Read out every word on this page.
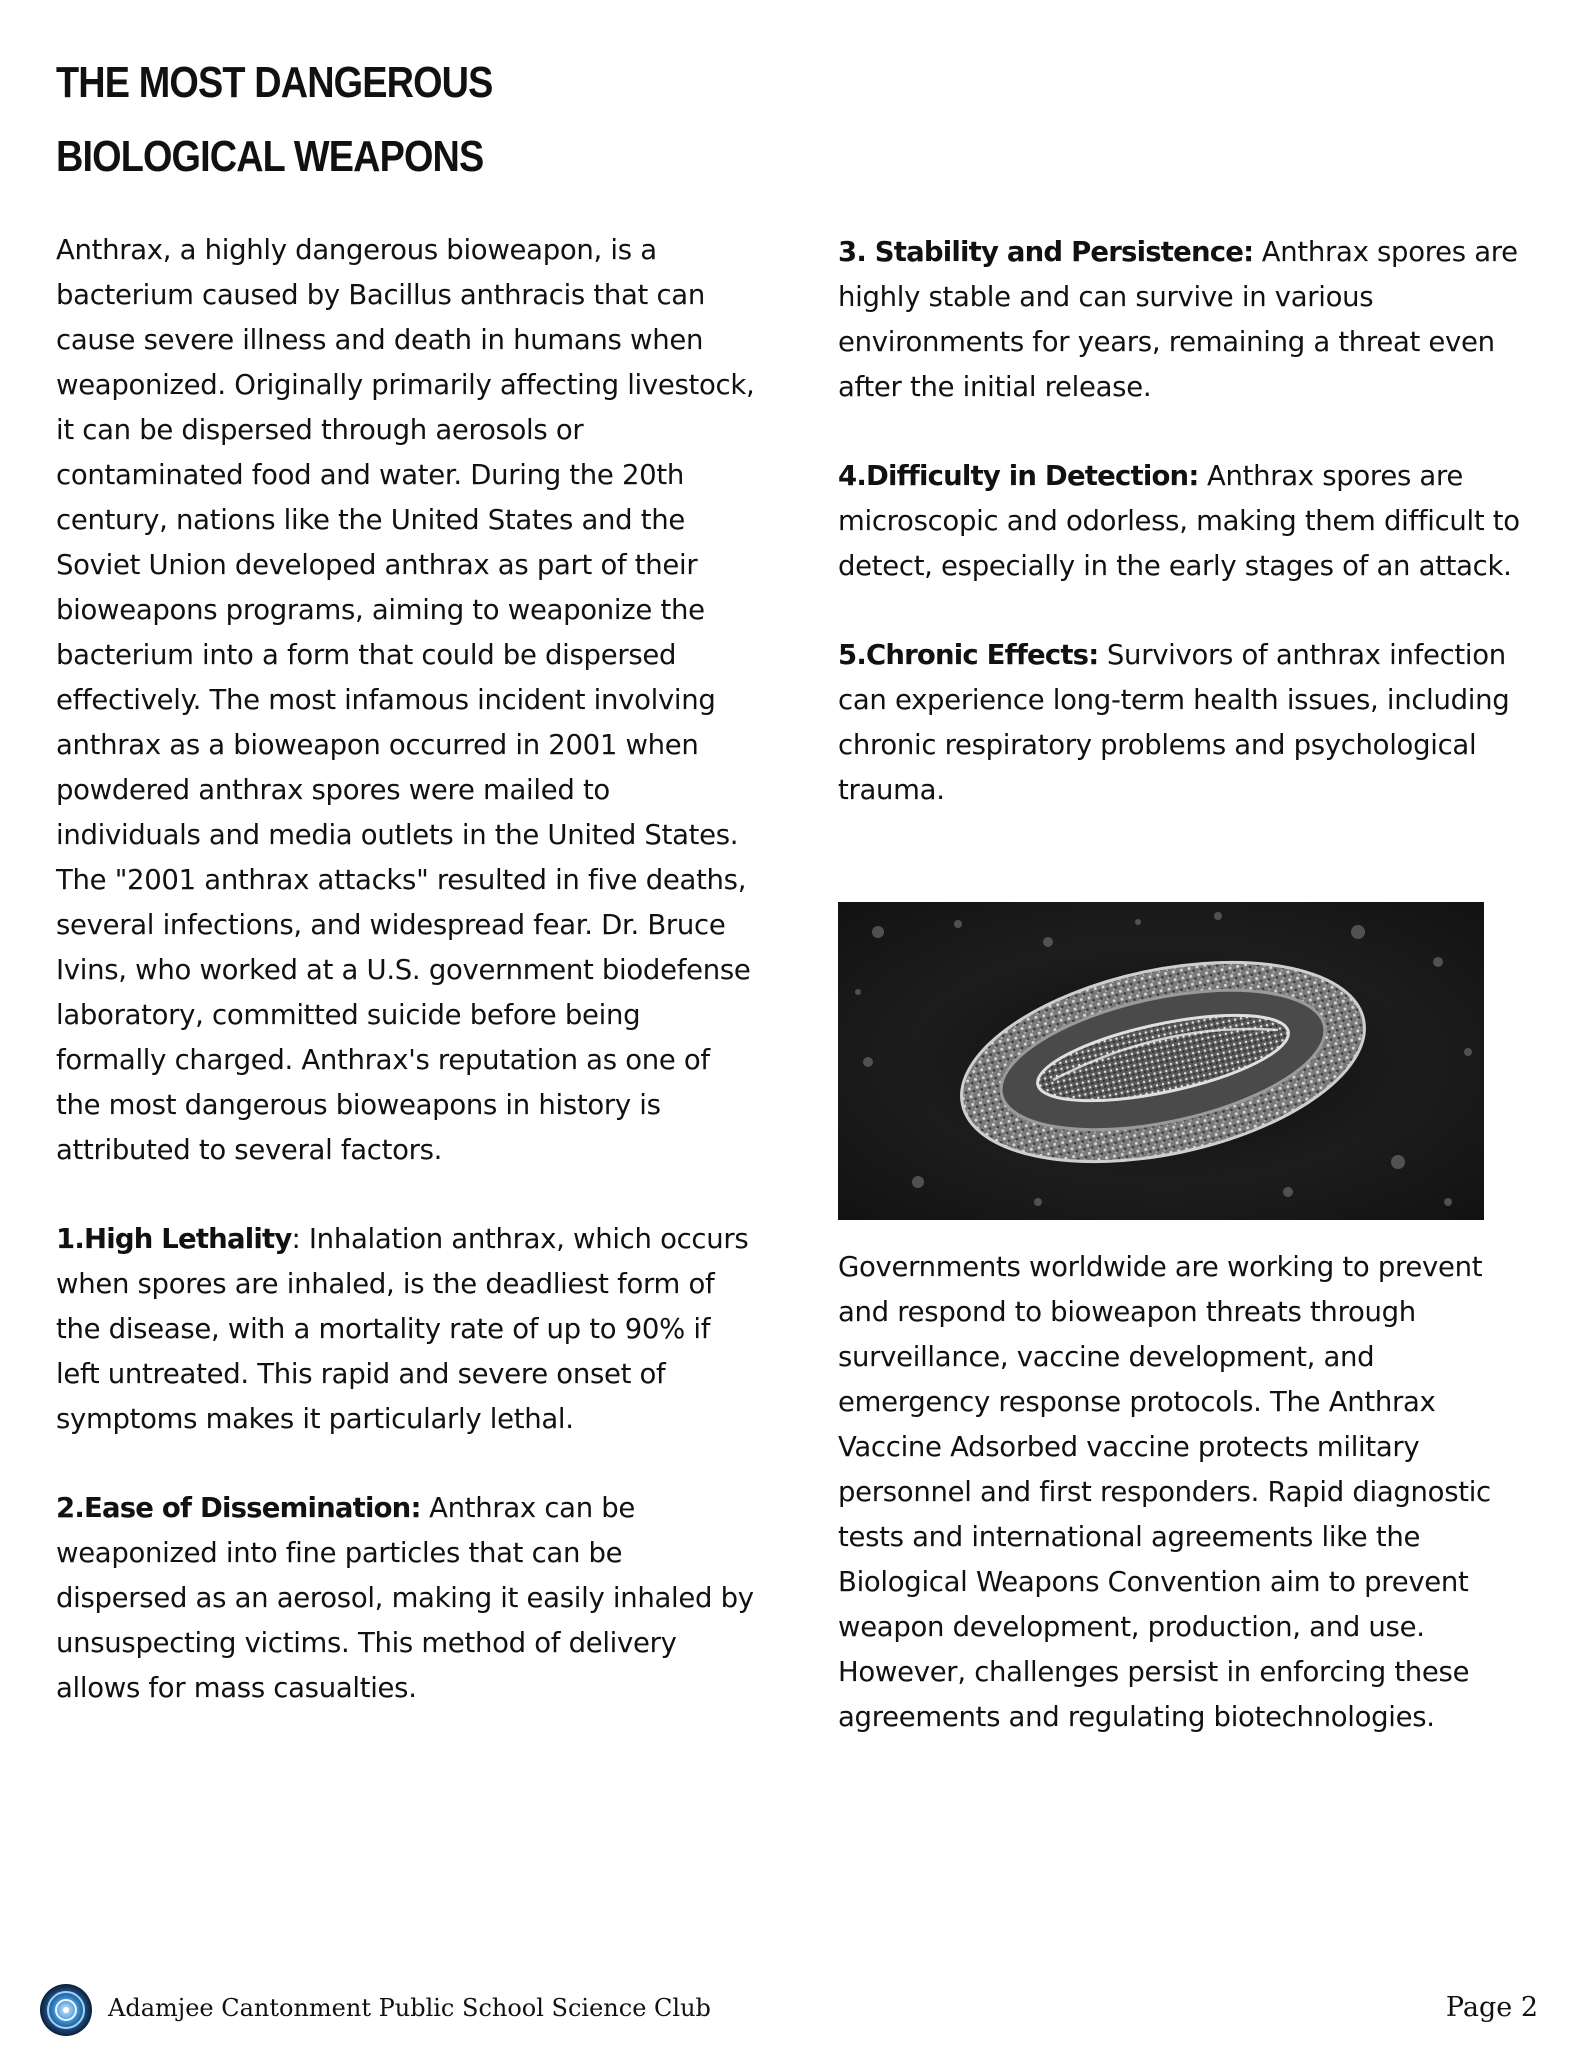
THE MOST DANGEROUS
BIOLOGICAL WEAPONS

Anthrax, a highly dangerous bioweapon, is a bacterium caused by Bacillus anthracis that can cause severe illness and death in humans when weaponized. Originally primarily affecting livestock, it can be dispersed through aerosols or contaminated food and water. During the 20th century, nations like the United States and the Soviet Union developed anthrax as part of their bioweapons programs, aiming to weaponize the bacterium into a form that could be dispersed effectively. The most infamous incident involving anthrax as a bioweapon occurred in 2001 when powdered anthrax spores were mailed to individuals and media outlets in the United States. The "2001 anthrax attacks" resulted in five deaths, several infections, and widespread fear. Dr. Bruce Ivins, who worked at a U.S. government biodefense laboratory, committed suicide before being formally charged. Anthrax's reputation as one of the most dangerous bioweapons in history is attributed to several factors.

1.High Lethality: Inhalation anthrax, which occurs when spores are inhaled, is the deadliest form of the disease, with a mortality rate of up to 90% if left untreated. This rapid and severe onset of symptoms makes it particularly lethal.

2.Ease of Dissemination: Anthrax can be weaponized into fine particles that can be dispersed as an aerosol, making it easily inhaled by unsuspecting victims. This method of delivery allows for mass casualties.

3. Stability and Persistence: Anthrax spores are highly stable and can survive in various environments for years, remaining a threat even after the initial release.

4.Difficulty in Detection: Anthrax spores are microscopic and odorless, making them difficult to detect, especially in the early stages of an attack.

5.Chronic Effects: Survivors of anthrax infection can experience long-term health issues, including chronic respiratory problems and psychological trauma.

Governments worldwide are working to prevent and respond to bioweapon threats through surveillance, vaccine development, and emergency response protocols. The Anthrax Vaccine Adsorbed vaccine protects military personnel and first responders. Rapid diagnostic tests and international agreements like the Biological Weapons Convention aim to prevent weapon development, production, and use. However, challenges persist in enforcing these agreements and regulating biotechnologies.

Adamjee Cantonment Public School Science Club	Page 2
